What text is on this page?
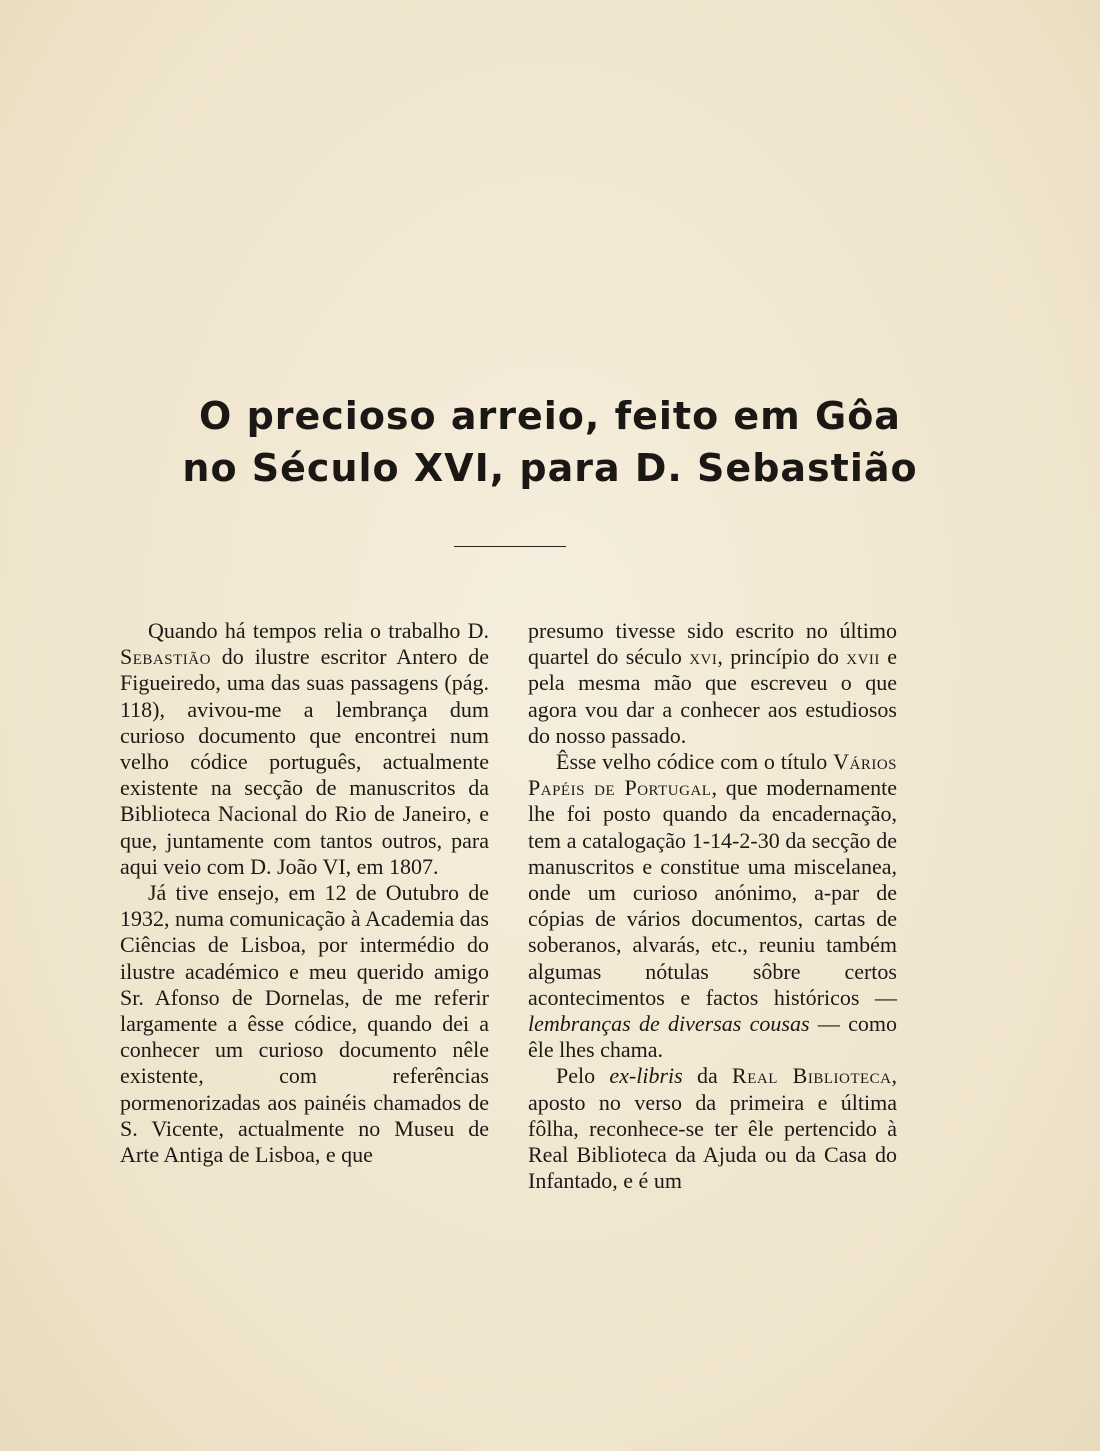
O precioso arreio, feito em Gôa
no Século XVI, para D. Sebastião

Quando há tempos relia o trabalho D. Sebastião do ilustre escritor Antero de Figueiredo, uma das suas passagens (pág. 118), avivou-me a lembrança dum curioso documento que encontrei num velho códice português, actualmente existente na secção de manuscritos da Biblioteca Nacional do Rio de Janeiro, e que, juntamente com tantos outros, para aqui veio com D. João VI, em 1807.

Já tive ensejo, em 12 de Outubro de 1932, numa comunicação à Academia das Ciências de Lisboa, por intermédio do ilustre académico e meu querido amigo Sr. Afonso de Dornelas, de me referir largamente a êsse códice, quando dei a conhecer um curioso documento nêle existente, com referências pormenorizadas aos painéis chamados de S. Vicente, actualmente no Museu de Arte Antiga de Lisboa, e que

presumo tivesse sido escrito no último quartel do século xvi, princípio do xvii e pela mesma mão que escreveu o que agora vou dar a conhecer aos estudiosos do nosso passado.

Êsse velho códice com o título Vários Papéis de Portugal, que modernamente lhe foi posto quando da encadernação, tem a catalogação 1-14-2-30 da secção de manuscritos e constitue uma miscelanea, onde um curioso anónimo, a-par de cópias de vários documentos, cartas de soberanos, alvarás, etc., reuniu também algumas nótulas sôbre certos acontecimentos e factos históricos — lembranças de diversas cousas — como êle lhes chama.

Pelo ex-libris da Real Biblioteca, aposto no verso da primeira e última fôlha, reconhece-se ter êle pertencido à Real Biblioteca da Ajuda ou da Casa do Infantado, e é um
